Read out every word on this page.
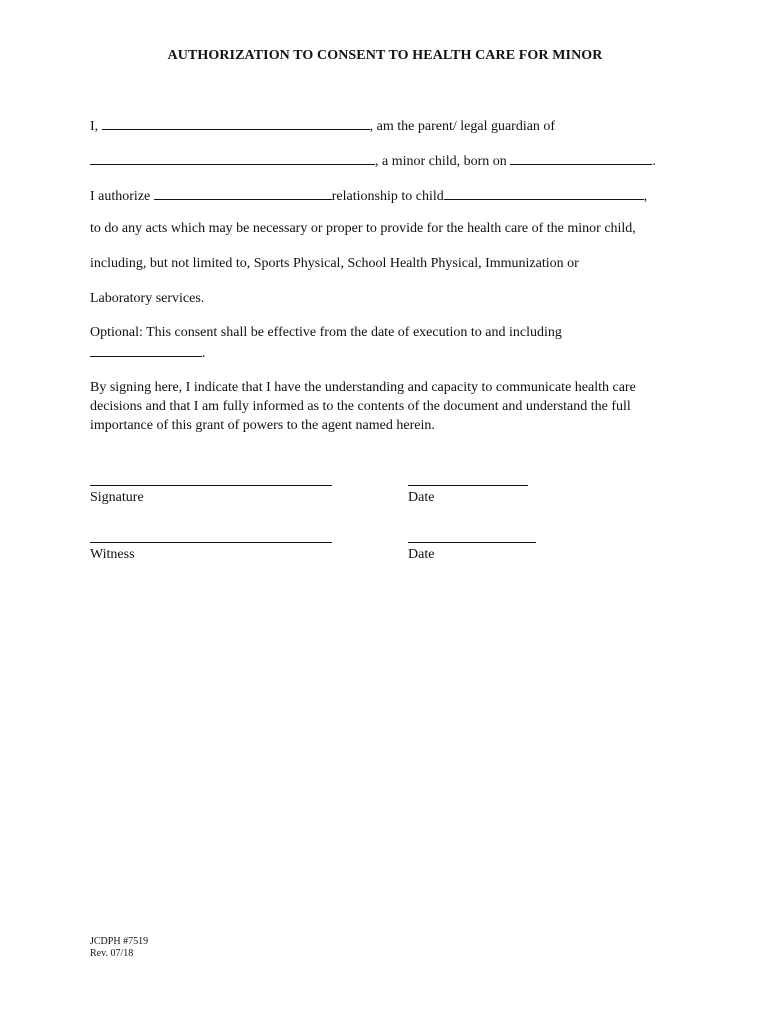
AUTHORIZATION TO CONSENT TO HEALTH CARE FOR MINOR
I,	, am the parent/ legal guardian of
, a minor child, born on	.
I authorize	relationship to child	,
to do any acts which may be necessary or proper to provide for the health care of the minor child,
including, but not limited to, Sports Physical, School Health Physical, Immunization or
Laboratory services.
Optional: This consent shall be effective from the date of execution to and including
.
By signing here, I indicate that I have the understanding and capacity to communicate health care decisions and that I am fully informed as to the contents of the document and understand the full importance of this grant of powers to the agent named herein.
Signature	Date
Witness	Date
JCDPH #7519
Rev. 07/18
